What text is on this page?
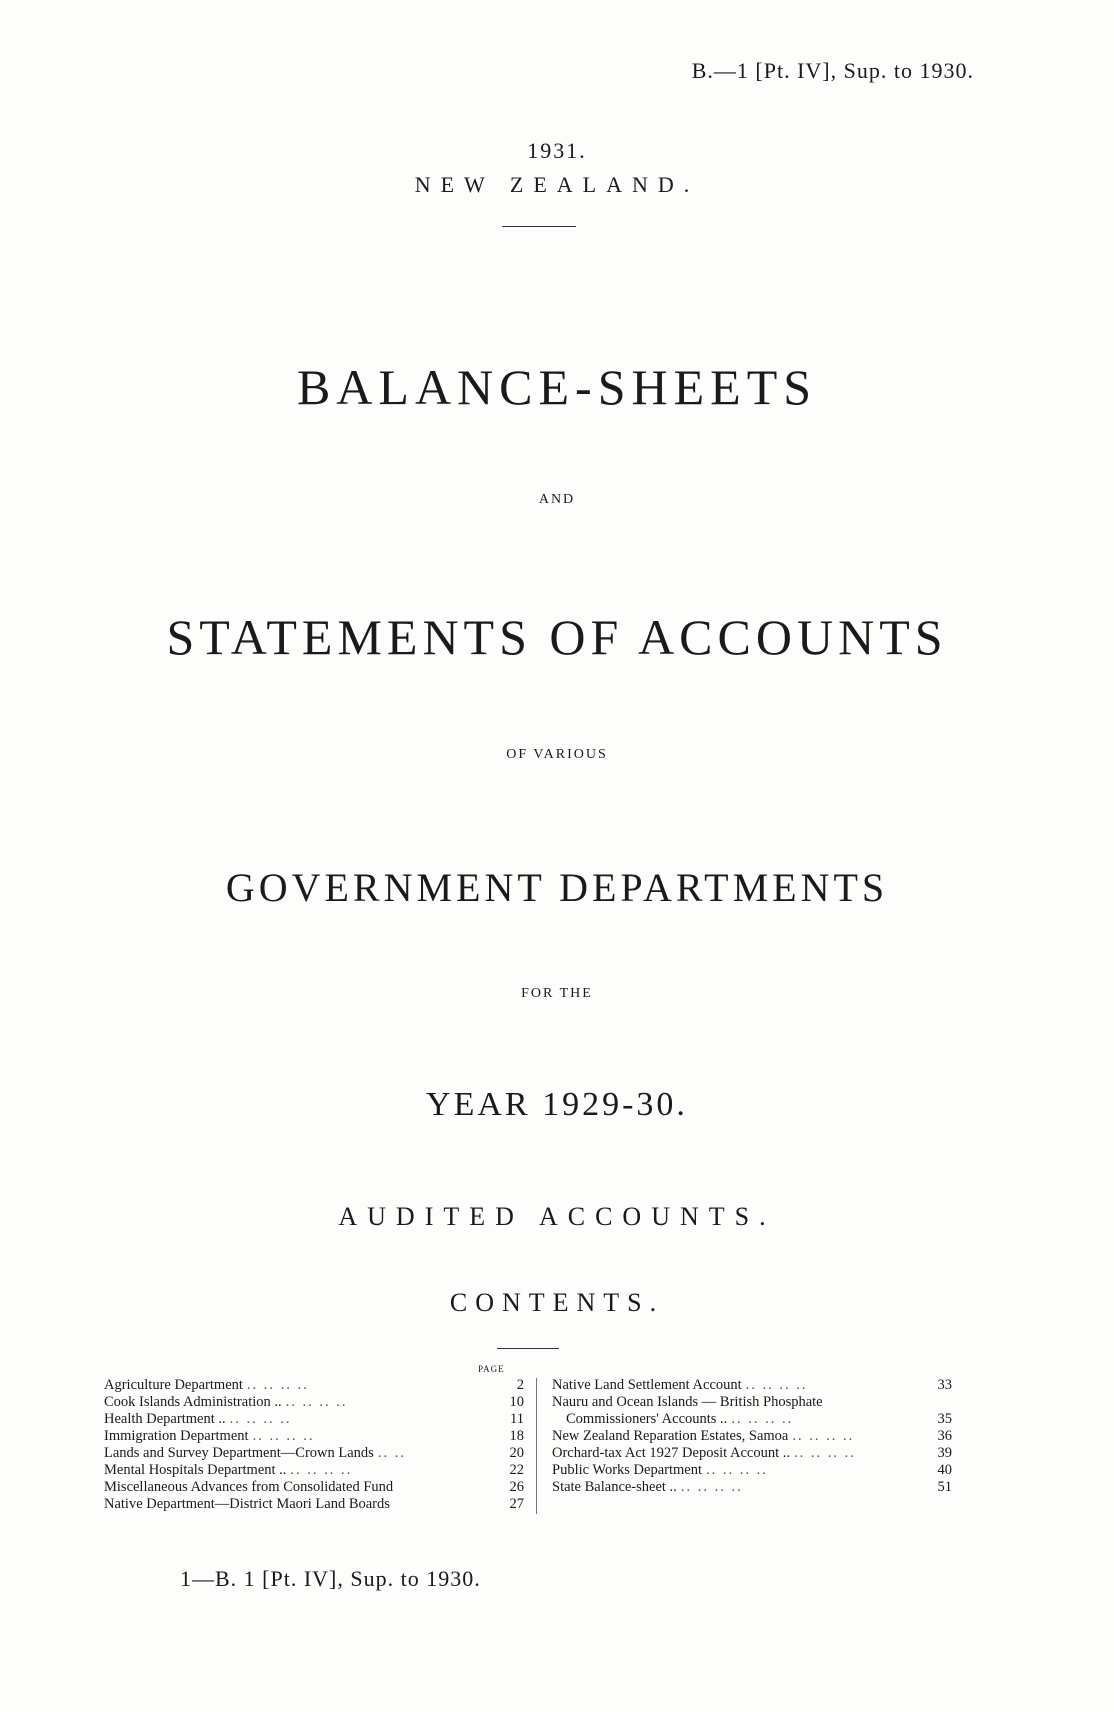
B.—1 [Pt. IV], Sup. to 1930.
1931.
NEW ZEALAND.
BALANCE-SHEETS
AND
STATEMENTS OF ACCOUNTS
OF VARIOUS
GOVERNMENT DEPARTMENTS
FOR THE
YEAR 1929-30.
AUDITED ACCOUNTS.
CONTENTS.
PAGE
Agriculture Department .. .. .. ..	2
Cook Islands Administration .. .. .. .. ..	10
Health Department .. .. .. .. ..	11
Immigration Department .. .. .. ..	18
Lands and Survey Department—Crown Lands .. ..	20
Mental Hospitals Department .. .. .. .. ..	22
Miscellaneous Advances from Consolidated Fund	26
Native Department—District Maori Land Boards	27
Native Land Settlement Account .. .. .. ..	33
Nauru and Ocean Islands — British Phosphate
Commissioners' Accounts .. .. .. .. ..	35
New Zealand Reparation Estates, Samoa .. .. .. ..	36
Orchard-tax Act 1927 Deposit Account .. .. .. .. ..	39
Public Works Department .. .. .. ..	40
State Balance-sheet .. .. .. .. ..	51
1—B. 1 [Pt. IV], Sup. to 1930.
